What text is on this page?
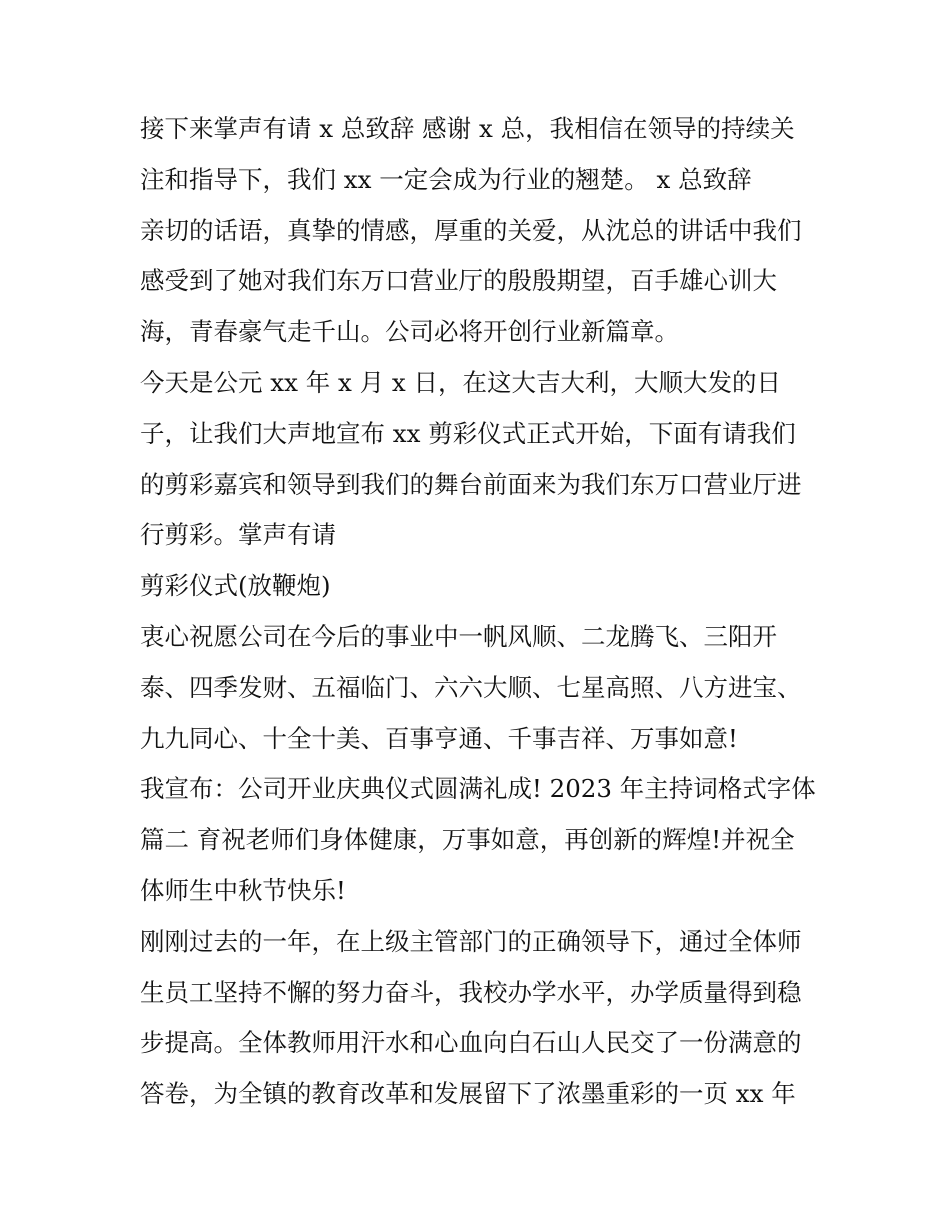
接下来掌声有请 x 总致辞 感谢 x 总，我相信在领导的持续关
注和指导下，我们 xx 一定会成为行业的翘楚。 x 总致辞
亲切的话语，真挚的情感，厚重的关爱，从沈总的讲话中我们
感受到了她对我们东万口营业厅的殷殷期望，百手雄心训大
海，青春豪气走千山。公司必将开创行业新篇章。
今天是公元 xx 年 x 月 x 日，在这大吉大利，大顺大发的日
子，让我们大声地宣布 xx 剪彩仪式正式开始，下面有请我们
的剪彩嘉宾和领导到我们的舞台前面来为我们东万口营业厅进
行剪彩。掌声有请
剪彩仪式(放鞭炮)
衷心祝愿公司在今后的事业中一帆风顺、二龙腾飞、三阳开
泰、四季发财、五福临门、六六大顺、七星高照、八方进宝、
九九同心、十全十美、百事亨通、千事吉祥、万事如意!
我宣布：公司开业庆典仪式圆满礼成! 2023 年主持词格式字体
篇二 育祝老师们身体健康，万事如意，再创新的辉煌!并祝全
体师生中秋节快乐!
刚刚过去的一年，在上级主管部门的正确领导下，通过全体师
生员工坚持不懈的努力奋斗，我校办学水平，办学质量得到稳
步提高。全体教师用汗水和心血向白石山人民交了一份满意的
答卷，为全镇的教育改革和发展留下了浓墨重彩的一页 xx 年
